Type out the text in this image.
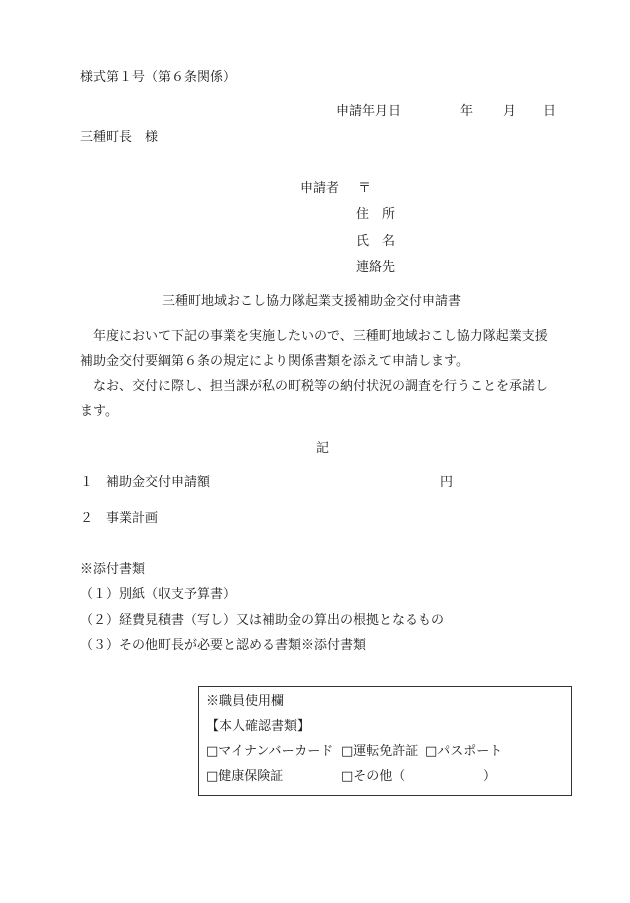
様式第１号（第６条関係）
申請年月日	年 月 日
三種町長　様
申請者 〒
住　所
氏　名
連絡先
三種町地域おこし協力隊起業支援補助金交付申請書
　年度において下記の事業を実施したいので、三種町地域おこし協力隊起業支援補助金交付要綱第６条の規定により関係書類を添えて申請します。
　なお、交付に際し、担当課が私の町税等の納付状況の調査を行うことを承諾します。
記
１ 補助金交付申請額	円
２ 事業計画
※添付書類
（１）別紙（収支予算書）
（２）経費見積書（写し）又は補助金の算出の根拠となるもの
（３）その他町長が必要と認める書類※添付書類
※職員使用欄
【本人確認書類】
□マイナンバーカード □運転免許証 □パスポート
□健康保険証	□その他（	）
